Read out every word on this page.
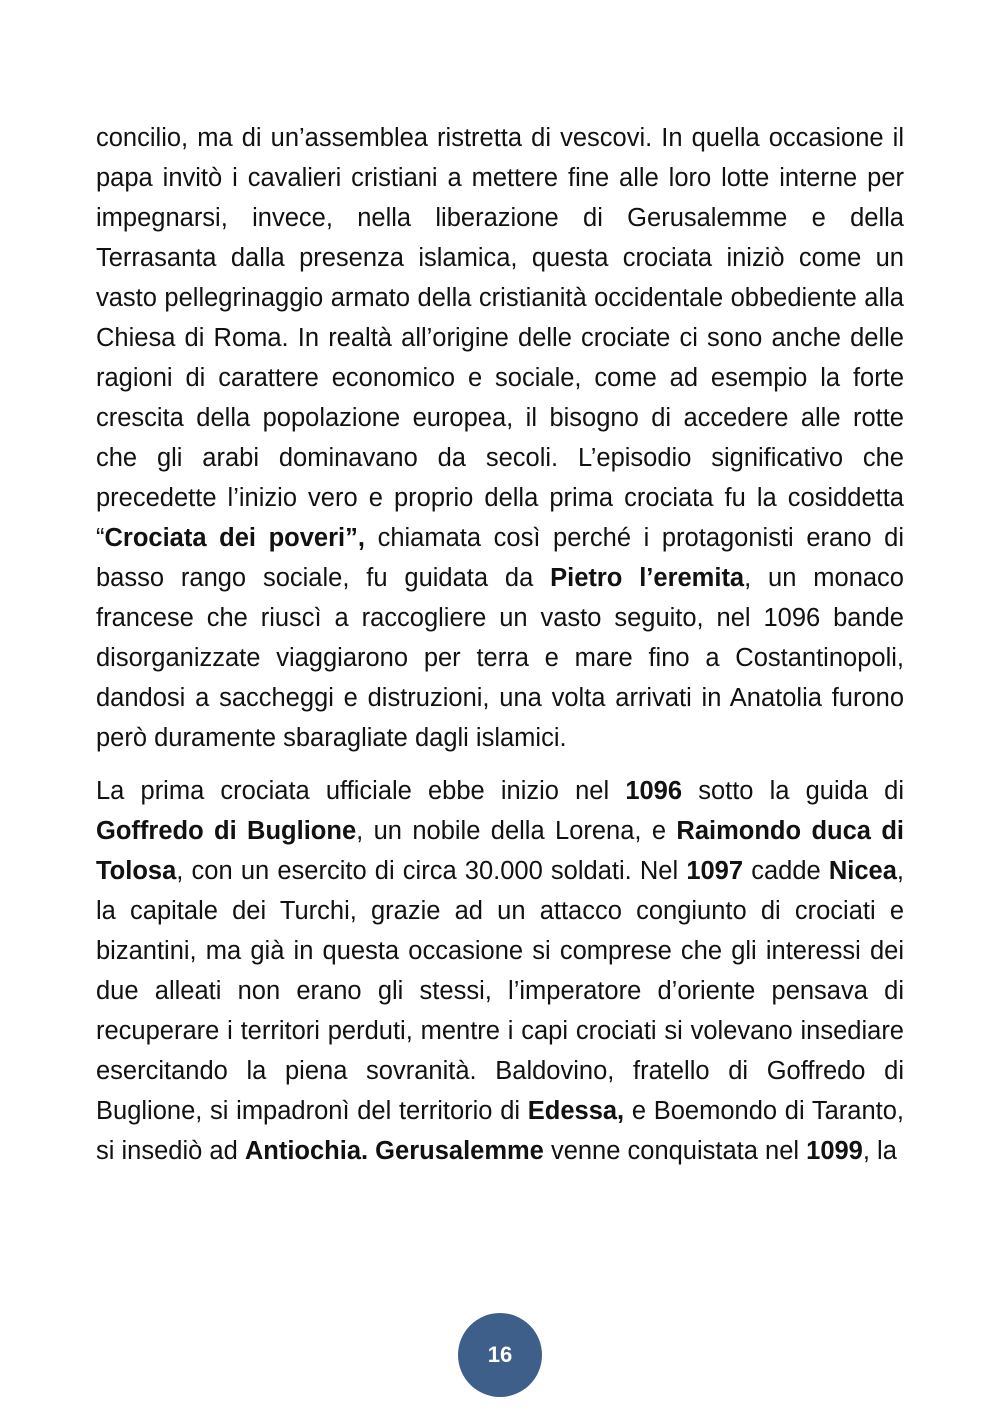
concilio, ma di un’assemblea ristretta di vescovi. In quella occasione il papa invitò i cavalieri cristiani a mettere fine alle loro lotte interne per impegnarsi, invece, nella liberazione di Gerusalemme e della Terrasanta dalla presenza islamica, questa crociata iniziò come un vasto pellegrinaggio armato della cristianità occidentale obbediente alla Chiesa di Roma. In realtà all’origine delle crociate ci sono anche delle ragioni di carattere economico e sociale, come ad esempio la forte crescita della popolazione europea, il bisogno di accedere alle rotte che gli arabi dominavano da secoli. L’episodio significativo che precedette l’inizio vero e proprio della prima crociata fu la cosiddetta “Crociata dei poveri”, chiamata così perché i protagonisti erano di basso rango sociale, fu guidata da Pietro l’eremita, un monaco francese che riuscì a raccogliere un vasto seguito, nel 1096 bande disorganizzate viaggiarono per terra e mare fino a Costantinopoli, dandosi a saccheggi e distruzioni, una volta arrivati in Anatolia furono però duramente sbaragliate dagli islamici.

La prima crociata ufficiale ebbe inizio nel 1096 sotto la guida di Goffredo di Buglione, un nobile della Lorena, e Raimondo duca di Tolosa, con un esercito di circa 30.000 soldati. Nel 1097 cadde Nicea, la capitale dei Turchi, grazie ad un attacco congiunto di crociati e bizantini, ma già in questa occasione si comprese che gli interessi dei due alleati non erano gli stessi, l’imperatore d’oriente pensava di recuperare i territori perduti, mentre i capi crociati si volevano insediare esercitando la piena sovranità. Baldovino, fratello di Goffredo di Buglione, si impadronì del territorio di Edessa, e Boemondo di Taranto, si insediò ad Antiochia. Gerusalemme venne conquistata nel 1099, la

16
